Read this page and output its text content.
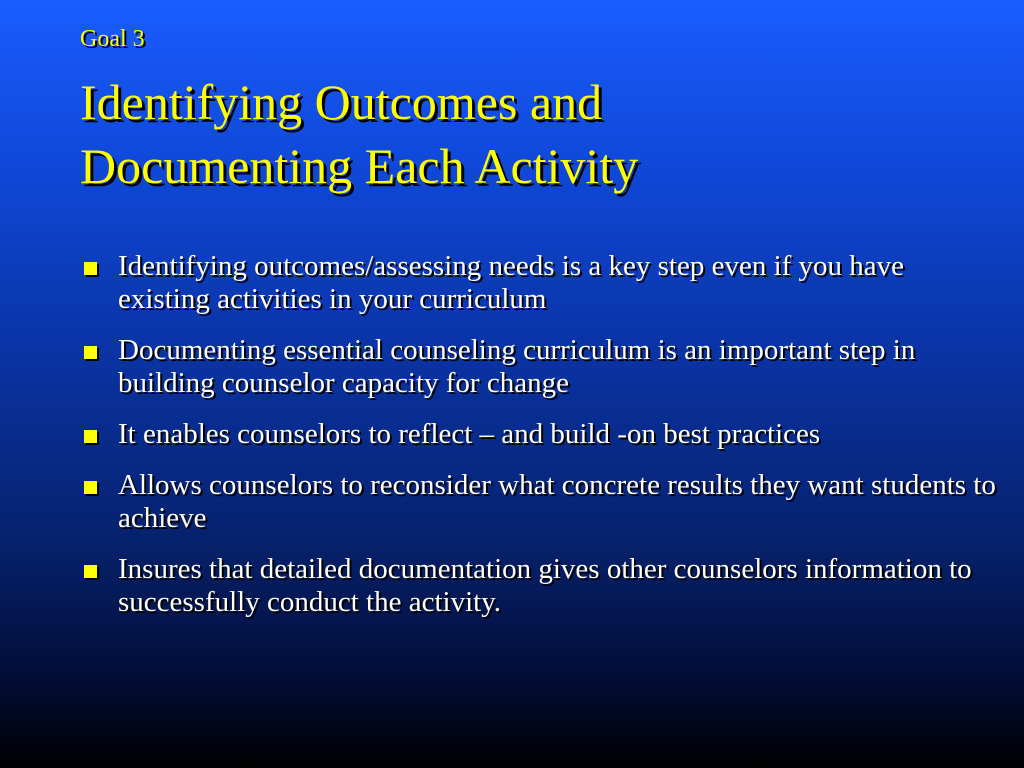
Goal 3
Identifying Outcomes and
Documenting Each Activity
Identifying outcomes/assessing needs is a key step even if you have existing activities in your curriculum
Documenting essential counseling curriculum is an important step in building counselor capacity for change
It enables counselors to reflect – and build -on best practices
Allows counselors to reconsider what concrete results they want students to achieve
Insures that detailed documentation gives other counselors information to successfully conduct the activity.
